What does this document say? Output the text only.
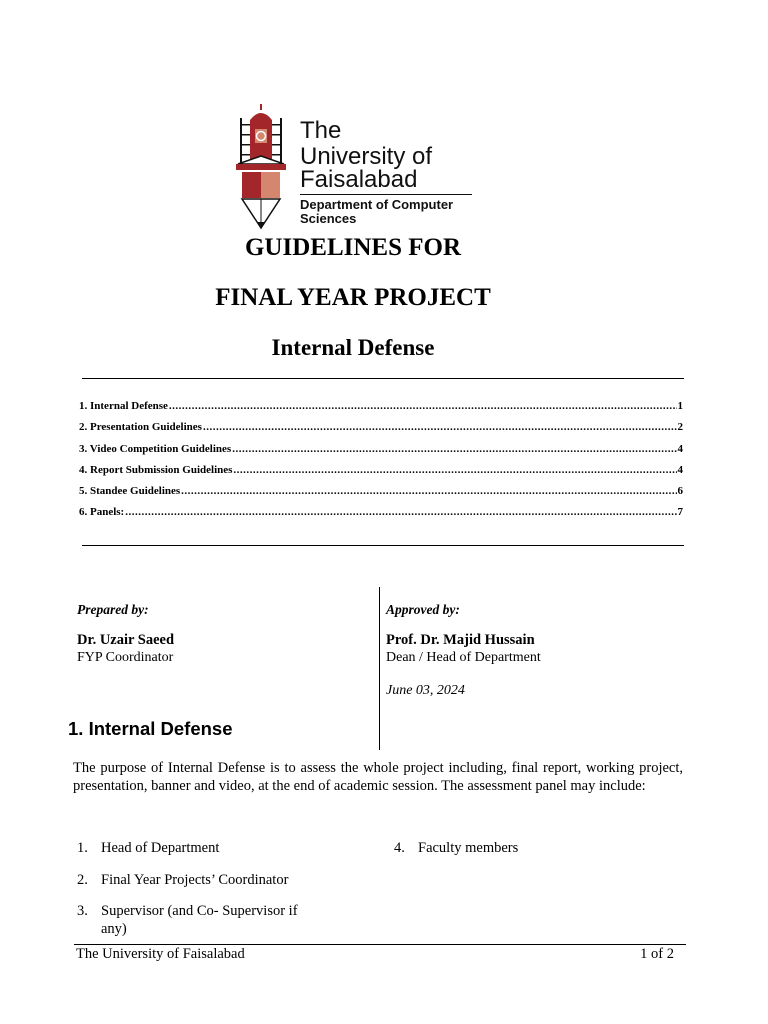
The
University of
Faisalabad
Department of Computer
Sciences
GUIDELINES FOR
FINAL YEAR PROJECT
Internal Defense
1. Internal Defense .....	1
2. Presentation Guidelines .....	2
3. Video Competition Guidelines .....	4
4. Report Submission Guidelines .....	4
5. Standee Guidelines .....	6
6. Panels: .....	7
Prepared by:
Dr. Uzair Saeed
FYP Coordinator
Approved by:
Prof. Dr. Majid Hussain
Dean / Head of Department
June 03, 2024
1. Internal Defense
The purpose of Internal Defense is to assess the whole project including, final report, working project, presentation, banner and video, at the end of academic session. The assessment panel may include:
1. Head of Department
2. Final Year Projects’ Coordinator
3. Supervisor (and Co- Supervisor if any)
4. Faculty members
The University of Faisalabad	1 of 2
